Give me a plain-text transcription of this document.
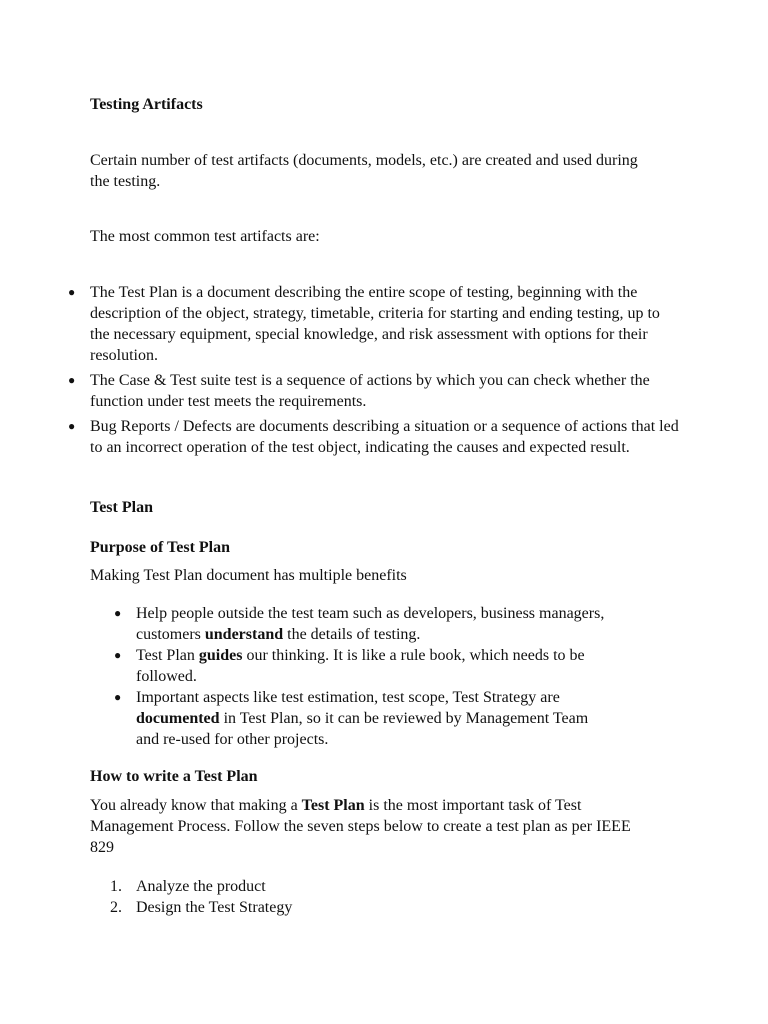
Testing Artifacts
Certain number of test artifacts (documents, models, etc.) are created and used during the testing.
The most common test artifacts are:
● The Test Plan is a document describing the entire scope of testing, beginning with the description of the object, strategy, timetable, criteria for starting and ending testing, up to the necessary equipment, special knowledge, and risk assessment with options for their resolution.
● The Case & Test suite test is a sequence of actions by which you can check whether the function under test meets the requirements.
● Bug Reports / Defects are documents describing a situation or a sequence of actions that led to an incorrect operation of the test object, indicating the causes and expected result.
Test Plan
Purpose of Test Plan
Making Test Plan document has multiple benefits
● Help people outside the test team such as developers, business managers, customers understand the details of testing.
● Test Plan guides our thinking. It is like a rule book, which needs to be followed.
● Important aspects like test estimation, test scope, Test Strategy are documented in Test Plan, so it can be reviewed by Management Team and re-used for other projects.
How to write a Test Plan
You already know that making a Test Plan is the most important task of Test Management Process. Follow the seven steps below to create a test plan as per IEEE 829
1. Analyze the product
2. Design the Test Strategy
